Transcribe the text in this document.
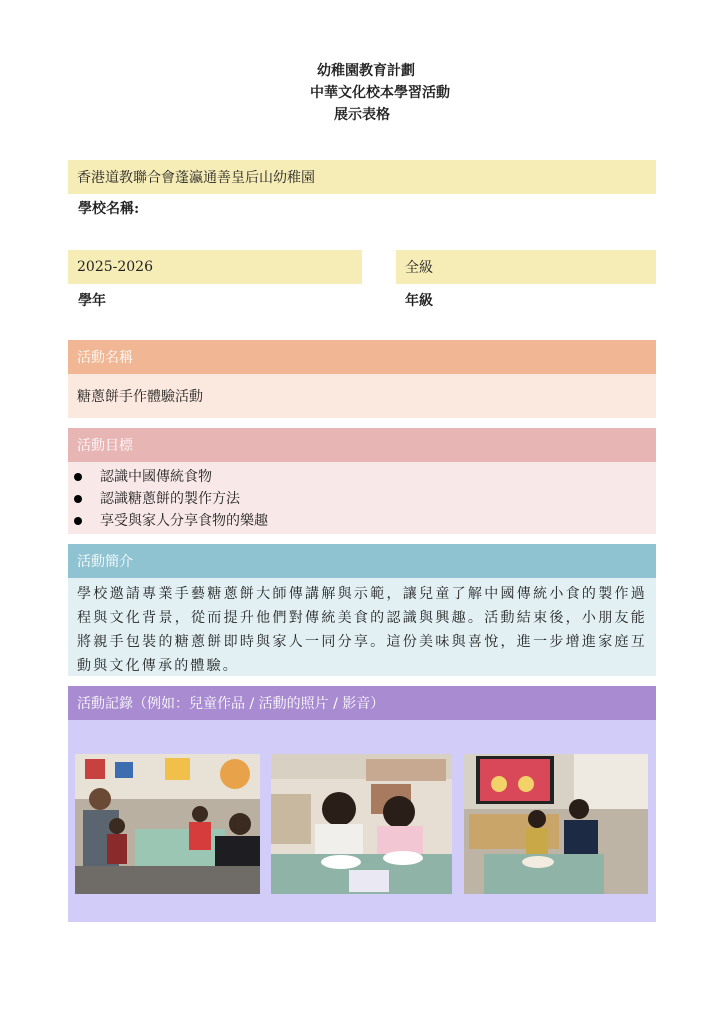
幼稚園教育計劃
中華文化校本學習活動
展示表格
香港道教聯合會蓬瀛通善皇后山幼稚園
學校名稱:
2025-2026
學年
全級
年級
活動名稱
糖蔥餅手作體驗活動
活動目標
認識中國傳統食物
認識糖蔥餅的製作方法
享受與家人分享食物的樂趣
活動簡介
學校邀請專業手藝糖蔥餅大師傳講解與示範，讓兒童了解中國傳統小食的製作過程與文化背景，從而提升他們對傳統美食的認識與興趣。活動結束後，小朋友能將親手包裝的糖蔥餅即時與家人一同分享。這份美味與喜悅，進一步增進家庭互動與文化傳承的體驗。
活動記錄（例如：兒童作品 / 活動的照片 / 影音）
